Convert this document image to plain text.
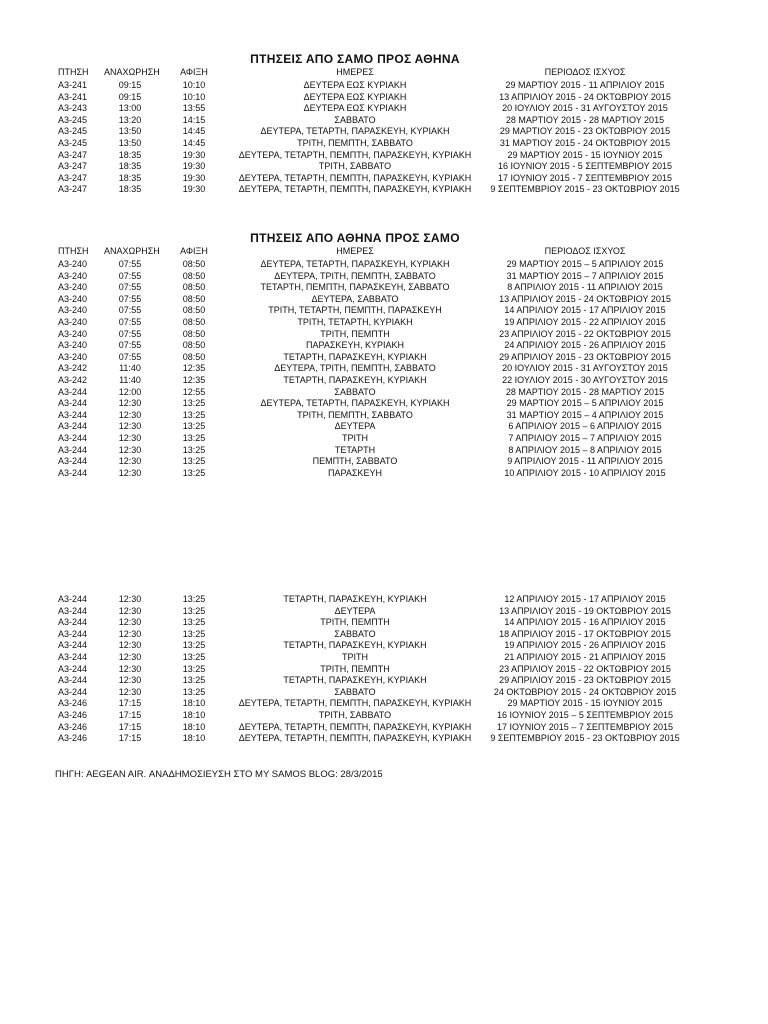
ΠΤΗΣΕΙΣ ΑΠΟ ΣΑΜΟ ΠΡΟΣ ΑΘΗΝΑ
ΠΤΗΣΕΙΣ ΑΠΟ ΑΘΗΝΑ ΠΡΟΣ ΣΑΜΟ
ΠΤΗΣΗ ΑΝΑΧΩΡΗΣΗ	ΑΦΙΞΗ	ΗΜΕΡΕΣ	ΠΕΡΙΟΔΟΣ ΙΣΧΥΟΣ
A3-241	09:15	10:10	ΔΕΥΤΕΡΑ ΕΩΣ ΚΥΡΙΑΚΗ	29 ΜΑΡΤΙΟΥ 2015 - 11 ΑΠΡΙΛΙΟΥ 2015
A3-241	09:15	10:10	ΔΕΥΤΕΡΑ ΕΩΣ ΚΥΡΙΑΚΗ	13 ΑΠΡΙΛΙΟΥ 2015 - 24 ΟΚΤΩΒΡΙΟΥ 2015
A3-243	13:00	13:55	ΔΕΥΤΕΡΑ ΕΩΣ ΚΥΡΙΑΚΗ	20 ΙΟΥΛΙΟΥ 2015 - 31 ΑΥΓΟΥΣΤΟΥ 2015
A3-245	13:20	14:15	ΣΑΒΒΑΤΟ	28 ΜΑΡΤΙΟΥ 2015 - 28 ΜΑΡΤΙΟΥ 2015
A3-245	13:50	14:45	ΔΕΥΤΕΡΑ, ΤΕΤΑΡΤΗ, ΠΑΡΑΣΚΕΥΗ, ΚΥΡΙΑΚΗ	29 ΜΑΡΤΙΟΥ 2015 - 23 ΟΚΤΩΒΡΙΟΥ 2015
A3-245	13:50	14:45	ΤΡΙΤΗ, ΠΕΜΠΤΗ, ΣΑΒΒΑΤΟ	31 ΜΑΡΤΙΟΥ 2015 - 24 ΟΚΤΩΒΡΙΟΥ 2015
A3-247	18:35	19:30	ΔΕΥΤΕΡΑ, ΤΕΤΑΡΤΗ, ΠΕΜΠΤΗ, ΠΑΡΑΣΚΕΥΗ, ΚΥΡΙΑΚΗ	29 ΜΑΡΤΙΟΥ 2015 - 15 ΙΟΥΝΙΟΥ 2015
A3-247	18:35	19:30	ΤΡΙΤΗ, ΣΑΒΒΑΤΟ	16 ΙΟΥΝΙΟΥ 2015 - 5 ΣΕΠΤΕΜΒΡΙΟΥ 2015
A3-247	18:35	19:30	ΔΕΥΤΕΡΑ, ΤΕΤΑΡΤΗ, ΠΕΜΠΤΗ, ΠΑΡΑΣΚΕΥΗ, ΚΥΡΙΑΚΗ	17 ΙΟΥΝΙΟΥ 2015 - 7 ΣΕΠΤΕΜΒΡΙΟΥ 2015
A3-247	18:35	19:30	ΔΕΥΤΕΡΑ, ΤΕΤΑΡΤΗ, ΠΕΜΠΤΗ, ΠΑΡΑΣΚΕΥΗ, ΚΥΡΙΑΚΗ	9 ΣΕΠΤΕΜΒΡΙΟΥ 2015 - 23 ΟΚΤΩΒΡΙΟΥ 2015
ΠΤΗΣΗ ΑΝΑΧΩΡΗΣΗ	ΑΦΙΞΗ	ΗΜΕΡΕΣ	ΠΕΡΙΟΔΟΣ ΙΣΧΥΟΣ
A3-240	07:55	08:50	ΔΕΥΤΕΡΑ, ΤΕΤΑΡΤΗ, ΠΑΡΑΣΚΕΥΗ, ΚΥΡΙΑΚΗ	29 ΜΑΡΤΙΟΥ 2015 – 5 ΑΠΡΙΛΙΟΥ 2015
A3-240	07:55	08:50	ΔΕΥΤΕΡΑ, ΤΡΙΤΗ, ΠΕΜΠΤΗ, ΣΑΒΒΑΤΟ	31 ΜΑΡΤΙΟΥ 2015 – 7 ΑΠΡΙΛΙΟΥ 2015
A3-240	07:55	08:50	ΤΕΤΑΡΤΗ, ΠΕΜΠΤΗ, ΠΑΡΑΣΚΕΥΗ, ΣΑΒΒΑΤΟ	8 ΑΠΡΙΛΙΟΥ 2015 - 11 ΑΠΡΙΛΙΟΥ 2015
A3-240	07:55	08:50	ΔΕΥΤΕΡΑ, ΣΑΒΒΑΤΟ	13 ΑΠΡΙΛΙΟΥ 2015 - 24 ΟΚΤΩΒΡΙΟΥ 2015
A3-240	07:55	08:50	ΤΡΙΤΗ, ΤΕΤΑΡΤΗ, ΠΕΜΠΤΗ, ΠΑΡΑΣΚΕΥΗ	14 ΑΠΡΙΛΙΟΥ 2015 - 17 ΑΠΡΙΛΙΟΥ 2015
A3-240	07:55	08:50	ΤΡΙΤΗ, ΤΕΤΑΡΤΗ, ΚΥΡΙΑΚΗ	19 ΑΠΡΙΛΙΟΥ 2015 - 22 ΑΠΡΙΛΙΟΥ 2015
A3-240	07:55	08:50	ΤΡΙΤΗ, ΠΕΜΠΤΗ	23 ΑΠΡΙΛΙΟΥ 2015 - 22 ΟΚΤΩΒΡΙΟΥ 2015
A3-240	07:55	08:50	ΠΑΡΑΣΚΕΥΗ, ΚΥΡΙΑΚΗ	24 ΑΠΡΙΛΙΟΥ 2015 - 26 ΑΠΡΙΛΙΟΥ 2015
A3-240	07:55	08:50	ΤΕΤΑΡΤΗ, ΠΑΡΑΣΚΕΥΗ, ΚΥΡΙΑΚΗ	29 ΑΠΡΙΛΙΟΥ 2015 - 23 ΟΚΤΩΒΡΙΟΥ 2015
A3-242	11:40	12:35	ΔΕΥΤΕΡΑ, ΤΡΙΤΗ, ΠΕΜΠΤΗ, ΣΑΒΒΑΤΟ	20 ΙΟΥΛΙΟΥ 2015 - 31 ΑΥΓΟΥΣΤΟΥ 2015
A3-242	11:40	12:35	ΤΕΤΑΡΤΗ, ΠΑΡΑΣΚΕΥΗ, ΚΥΡΙΑΚΗ	22 ΙΟΥΛΙΟΥ 2015 - 30 ΑΥΓΟΥΣΤΟΥ 2015
A3-244	12:00	12:55	ΣΑΒΒΑΤΟ	28 ΜΑΡΤΙΟΥ 2015 - 28 ΜΑΡΤΙΟΥ 2015
A3-244	12:30	13:25	ΔΕΥΤΕΡΑ, ΤΕΤΑΡΤΗ, ΠΑΡΑΣΚΕΥΗ, ΚΥΡΙΑΚΗ	29 ΜΑΡΤΙΟΥ 2015 – 5 ΑΠΡΙΛΙΟΥ 2015
A3-244	12:30	13:25	ΤΡΙΤΗ, ΠΕΜΠΤΗ, ΣΑΒΒΑΤΟ	31 ΜΑΡΤΙΟΥ 2015 – 4 ΑΠΡΙΛΙΟΥ 2015
A3-244	12:30	13:25	ΔΕΥΤΕΡΑ	6 ΑΠΡΙΛΙΟΥ 2015 – 6 ΑΠΡΙΛΙΟΥ 2015
A3-244	12:30	13:25	ΤΡΙΤΗ	7 ΑΠΡΙΛΙΟΥ 2015 – 7 ΑΠΡΙΛΙΟΥ 2015
A3-244	12:30	13:25	ΤΕΤΑΡΤΗ	8 ΑΠΡΙΛΙΟΥ 2015 – 8 ΑΠΡΙΛΙΟΥ 2015
A3-244	12:30	13:25	ΠΕΜΠΤΗ, ΣΑΒΒΑΤΟ	9 ΑΠΡΙΛΙΟΥ 2015 - 11 ΑΠΡΙΛΙΟΥ 2015
A3-244	12:30	13:25	ΠΑΡΑΣΚΕΥΗ	10 ΑΠΡΙΛΙΟΥ 2015 - 10 ΑΠΡΙΛΙΟΥ 2015
A3-244	12:30	13:25	ΤΕΤΑΡΤΗ, ΠΑΡΑΣΚΕΥΗ, ΚΥΡΙΑΚΗ	12 ΑΠΡΙΛΙΟΥ 2015 - 17 ΑΠΡΙΛΙΟΥ 2015
A3-244	12:30	13:25	ΔΕΥΤΕΡΑ	13 ΑΠΡΙΛΙΟΥ 2015 - 19 ΟΚΤΩΒΡΙΟΥ 2015
A3-244	12:30	13:25	ΤΡΙΤΗ, ΠΕΜΠΤΗ	14 ΑΠΡΙΛΙΟΥ 2015 - 16 ΑΠΡΙΛΙΟΥ 2015
A3-244	12:30	13:25	ΣΑΒΒΑΤΟ	18 ΑΠΡΙΛΙΟΥ 2015 - 17 ΟΚΤΩΒΡΙΟΥ 2015
A3-244	12:30	13:25	ΤΕΤΑΡΤΗ, ΠΑΡΑΣΚΕΥΗ, ΚΥΡΙΑΚΗ	19 ΑΠΡΙΛΙΟΥ 2015 - 26 ΑΠΡΙΛΙΟΥ 2015
A3-244	12:30	13:25	ΤΡΙΤΗ	21 ΑΠΡΙΛΙΟΥ 2015 - 21 ΑΠΡΙΛΙΟΥ 2015
A3-244	12:30	13:25	ΤΡΙΤΗ, ΠΕΜΠΤΗ	23 ΑΠΡΙΛΙΟΥ 2015 - 22 ΟΚΤΩΒΡΙΟΥ 2015
A3-244	12:30	13:25	ΤΕΤΑΡΤΗ, ΠΑΡΑΣΚΕΥΗ, ΚΥΡΙΑΚΗ	29 ΑΠΡΙΛΙΟΥ 2015 - 23 ΟΚΤΩΒΡΙΟΥ 2015
A3-244	12:30	13:25	ΣΑΒΒΑΤΟ	24 ΟΚΤΩΒΡΙΟΥ 2015 - 24 ΟΚΤΩΒΡΙΟΥ 2015
A3-246	17:15	18:10	ΔΕΥΤΕΡΑ, ΤΕΤΑΡΤΗ, ΠΕΜΠΤΗ, ΠΑΡΑΣΚΕΥΗ, ΚΥΡΙΑΚΗ	29 ΜΑΡΤΙΟΥ 2015 - 15 ΙΟΥΝΙΟΥ 2015
A3-246	17:15	18:10	ΤΡΙΤΗ, ΣΑΒΒΑΤΟ	16 ΙΟΥΝΙΟΥ 2015 – 5 ΣΕΠΤΕΜΒΡΙΟΥ 2015
A3-246	17:15	18:10	ΔΕΥΤΕΡΑ, ΤΕΤΑΡΤΗ, ΠΕΜΠΤΗ, ΠΑΡΑΣΚΕΥΗ, ΚΥΡΙΑΚΗ	17 ΙΟΥΝΙΟΥ 2015 – 7 ΣΕΠΤΕΜΒΡΙΟΥ 2015
A3-246	17:15	18:10	ΔΕΥΤΕΡΑ, ΤΕΤΑΡΤΗ, ΠΕΜΠΤΗ, ΠΑΡΑΣΚΕΥΗ, ΚΥΡΙΑΚΗ	9 ΣΕΠΤΕΜΒΡΙΟΥ 2015 - 23 ΟΚΤΩΒΡΙΟΥ 2015
ΠΗΓΗ: AEGEAN AIR. ΑΝΑΔΗΜΟΣΙΕΥΣΗ ΣΤΟ MY SAMOS BLOG: 28/3/2015
